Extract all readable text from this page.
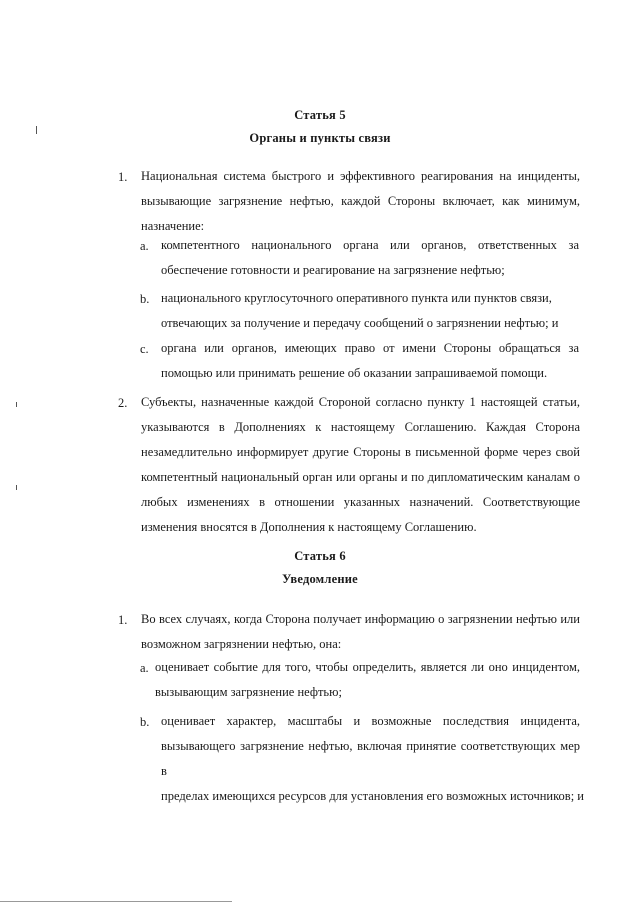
Статья 5
Органы и пункты связи
1. Национальная система быстрого и эффективного реагирования на инциденты,
вызывающие загрязнение нефтью, каждой Стороны включает, как минимум,
назначение:
a. компетентного национального органа или органов, ответственных за
обеспечение готовности и реагирование на загрязнение нефтью;
b. национального круглосуточного оперативного пункта или пунктов связи,
отвечающих за получение и передачу сообщений о загрязнении нефтью; и
c. органа или органов, имеющих право от имени Стороны обращаться за
помощью или принимать решение об оказании запрашиваемой помощи.
2. Субъекты, назначенные каждой Стороной согласно пункту 1 настоящей статьи,
указываются в Дополнениях к настоящему Соглашению. Каждая Сторона
незамедлительно информирует другие Стороны в письменной форме через свой
компетентный национальный орган или органы и по дипломатическим каналам о
любых изменениях в отношении указанных назначений. Соответствующие
изменения вносятся в Дополнения к настоящему Соглашению.
Статья 6
Уведомление
1. Во всех случаях, когда Сторона получает информацию о загрязнении нефтью или
возможном загрязнении нефтью, она:
a. оценивает событие для того, чтобы определить, является ли оно инцидентом,
вызывающим загрязнение нефтью;
b. оценивает характер, масштабы и возможные последствия инцидента,
вызывающего загрязнение нефтью, включая принятие соответствующих мер в
пределах имеющихся ресурсов для установления его возможных источников; и
